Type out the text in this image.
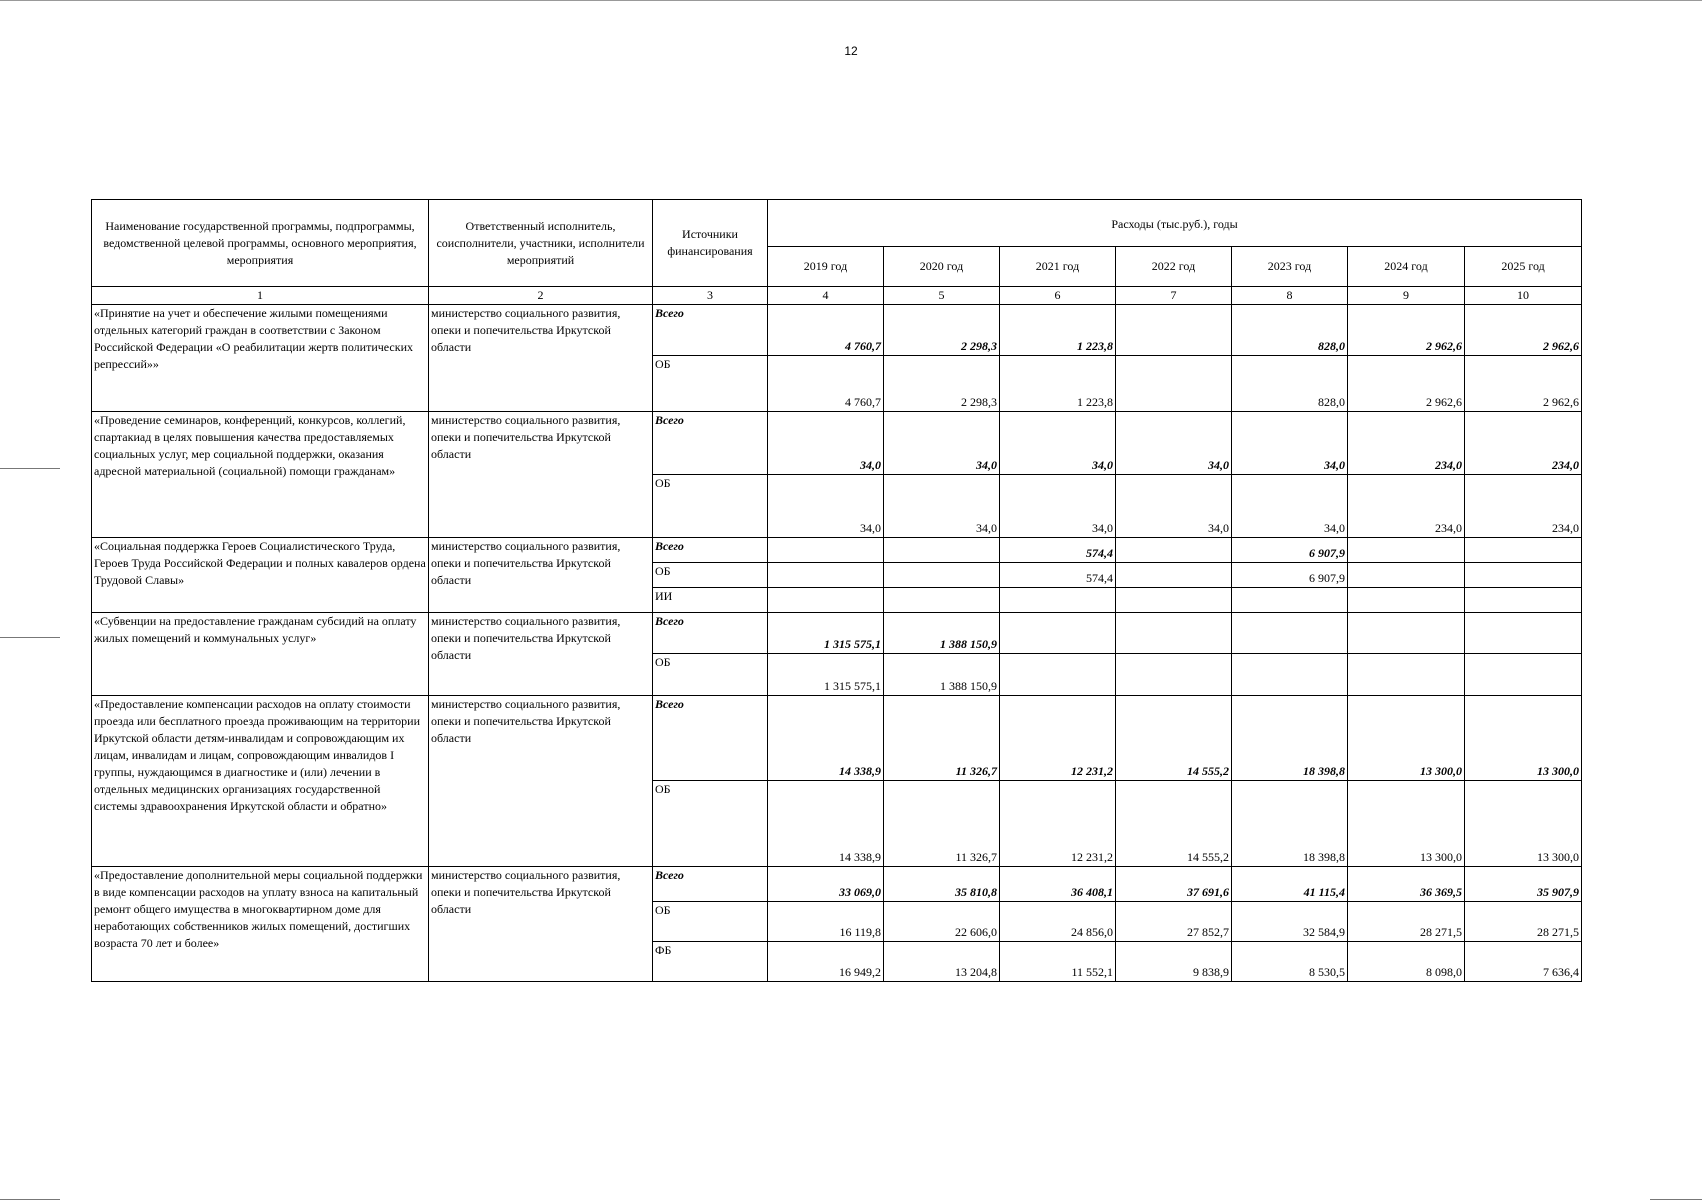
12
Наименование государственной программы, подпрограммы, ведомственной целевой программы, основного мероприятия, мероприятия	Ответственный исполнитель, соисполнители, участники, исполнители мероприятий	Источники финансирования	Расходы (тыс.руб.), годы						
			2019 год	2020 год	2021 год	2022 год	2023 год	2024 год	2025 год
1	2	3	4	5	6	7	8	9	10
«Принятие на учет и обеспечение жилыми помещениями отдельных категорий граждан в соответствии с Законом Российской Федерации «О реабилитации жертв политических репрессий»»	министерство социального развития, опеки и попечительства Иркутской области	Всего	4 760,7	2 298,3	1 223,8		828,0	2 962,6	2 962,6
		ОБ	4 760,7	2 298,3	1 223,8		828,0	2 962,6	2 962,6
«Проведение семинаров, конференций, конкурсов, коллегий, спартакиад в целях повышения качества предоставляемых социальных услуг, мер социальной поддержки, оказания адресной материальной (социальной) помощи гражданам»	министерство социального развития, опеки и попечительства Иркутской области	Всего	34,0	34,0	34,0	34,0	34,0	234,0	234,0
		ОБ	34,0	34,0	34,0	34,0	34,0	234,0	234,0
«Социальная поддержка Героев Социалистического Труда, Героев Труда Российской Федерации и полных кавалеров ордена Трудовой Славы»	министерство социального развития, опеки и попечительства Иркутской области	Всего			574,4		6 907,9		
		ОБ			574,4		6 907,9		
		ИИ							
«Субвенции на предоставление гражданам субсидий на оплату жилых помещений и коммунальных услуг»	министерство социального развития, опеки и попечительства Иркутской области	Всего	1 315 575,1	1 388 150,9					
		ОБ	1 315 575,1	1 388 150,9					
«Предоставление компенсации расходов на оплату стоимости проезда или бесплатного проезда проживающим на территории Иркутской области детям-инвалидам и сопровождающим их лицам, инвалидам и лицам, сопровождающим инвалидов I группы, нуждающимся в диагностике и (или) лечении в отдельных медицинских организациях государственной системы здравоохранения Иркутской области и обратно»	министерство социального развития, опеки и попечительства Иркутской области	Всего	14 338,9	11 326,7	12 231,2	14 555,2	18 398,8	13 300,0	13 300,0
		ОБ	14 338,9	11 326,7	12 231,2	14 555,2	18 398,8	13 300,0	13 300,0
«Предоставление дополнительной меры социальной поддержки в виде компенсации расходов на уплату взноса на капитальный ремонт общего имущества в многоквартирном доме для неработающих собственников жилых помещений, достигших возраста 70 лет и более»	министерство социального развития, опеки и попечительства Иркутской области	Всего	33 069,0	35 810,8	36 408,1	37 691,6	41 115,4	36 369,5	35 907,9
		ОБ	16 119,8	22 606,0	24 856,0	27 852,7	32 584,9	28 271,5	28 271,5
		ФБ	16 949,2	13 204,8	11 552,1	9 838,9	8 530,5	8 098,0	7 636,4
